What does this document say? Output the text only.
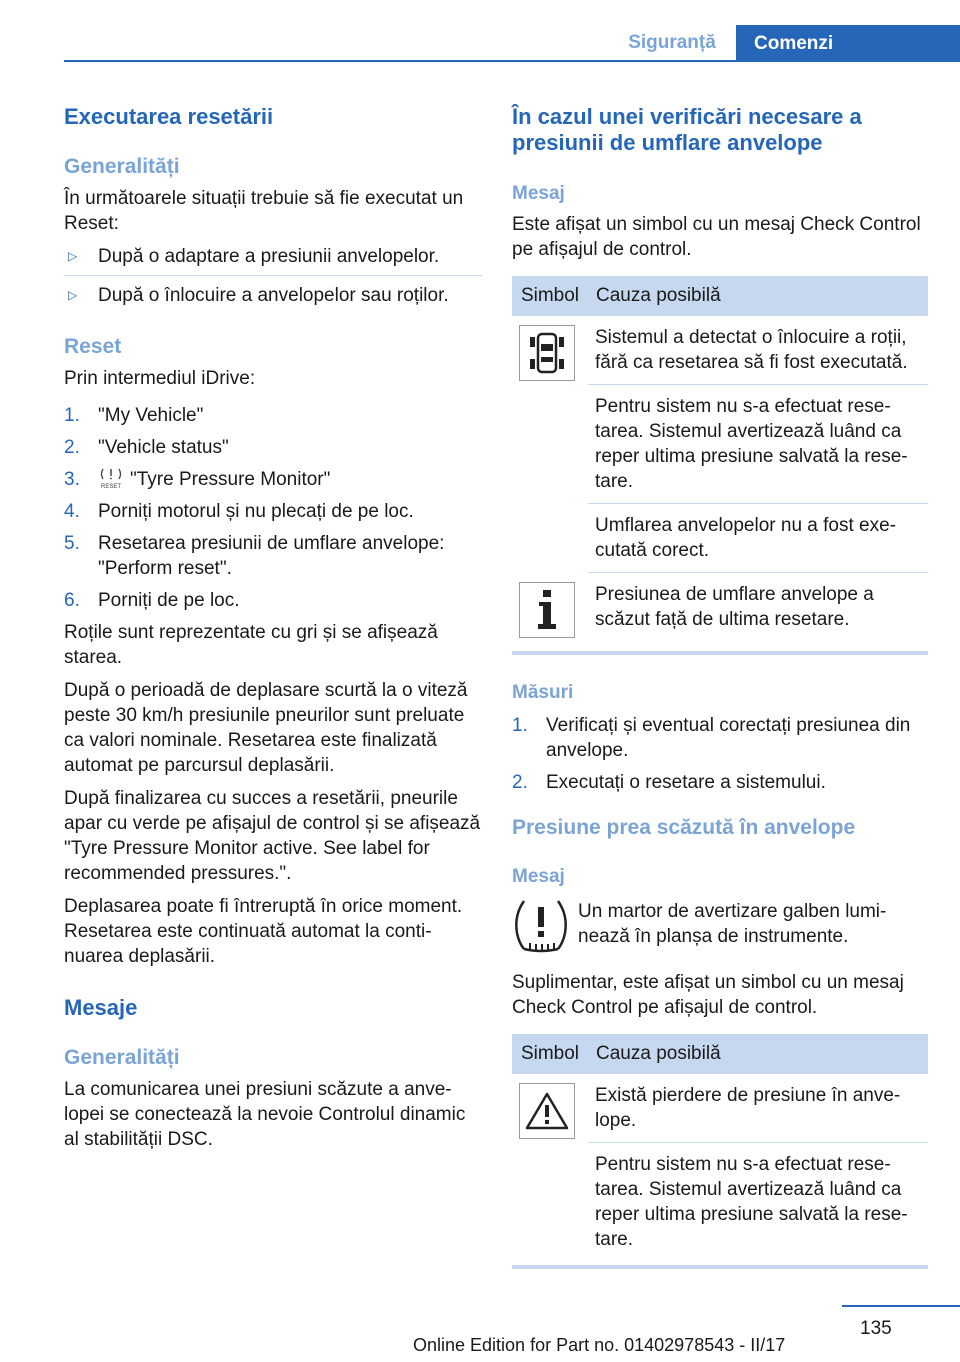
Siguranță	Comenzi
Executarea resetării
Generalități
În următoarele situații trebuie să fie executat un Reset:
▷ După o adaptare a presiunii anvelopelor.
▷ După o înlocuire a anvelopelor sau roților.
Reset
Prin intermediul iDrive:
1. "My Vehicle"
2. "Vehicle status"
3.	RESET "Tyre Pressure Monitor"
4. Porniți motorul și nu plecați de pe loc.
5. Resetarea presiunii de umflare anvelope: "Perform reset".
6. Porniți de pe loc.
Roțile sunt reprezentate cu gri și se afișează starea.
După o perioadă de deplasare scurtă la o viteză peste 30 km/h presiunile pneurilor sunt preluate ca valori nominale. Resetarea este finalizată automat pe parcursul deplasării.
După finalizarea cu succes a resetării, pneurile apar cu verde pe afișajul de control și se afișează "Tyre Pressure Monitor active. See label for recommended pressures.".
Deplasarea poate fi întreruptă în orice moment. Resetarea este continuată automat la continuarea deplasării.
Mesaje
Generalități
La comunicarea unei presiuni scăzute a anvelopei se conectează la nevoie Controlul dinamic al stabilității DSC.
În cazul unei verificări necesare a presiunii de umflare anvelope
Mesaj
Este afișat un simbol cu un mesaj Check Control pe afișajul de control.
Simbol Cauza posibilă
Sistemul a detectat o înlocuire a roții, fără ca resetarea să fi fost executată.
Pentru sistem nu s-a efectuat resetarea. Sistemul avertizează luând ca reper ultima presiune salvată la resetare.
Umflarea anvelopelor nu a fost executată corect.
Presiunea de umflare anvelope a scăzut față de ultima resetare.
Măsuri
1. Verificați și eventual corectați presiunea din anvelope.
2. Executați o resetare a sistemului.
Presiune prea scăzută în anvelope
Mesaj
Un martor de avertizare galben luminează în planșa de instrumente.
Suplimentar, este afișat un simbol cu un mesaj Check Control pe afișajul de control.
Simbol Cauza posibilă
Există pierdere de presiune în anvelope.
Pentru sistem nu s-a efectuat resetarea. Sistemul avertizează luând ca reper ultima presiune salvată la resetare.
135
Online Edition for Part no. 01402978543 - II/17
